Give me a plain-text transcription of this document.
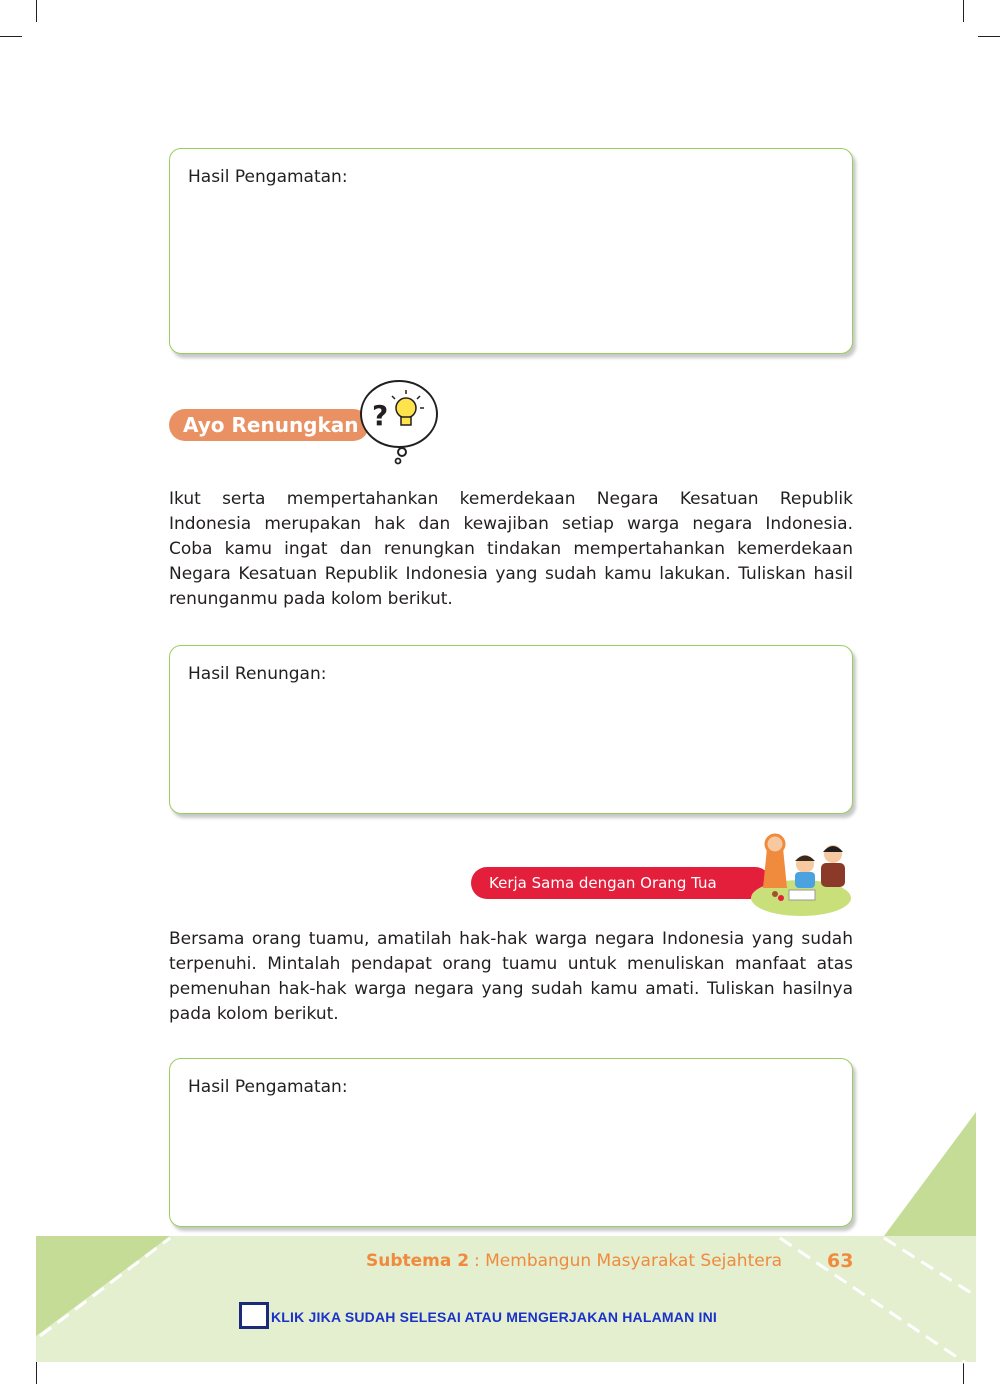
Hasil Pengamatan:
Ayo Renungkan ?
Ikut serta mempertahankan kemerdekaan Negara Kesatuan Republik
Indonesia merupakan hak dan kewajiban setiap warga negara Indonesia.
Coba kamu ingat dan renungkan tindakan mempertahankan kemerdekaan
Negara Kesatuan Republik Indonesia yang sudah kamu lakukan. Tuliskan hasil
renunganmu pada kolom berikut.
Hasil Renungan:
Kerja Sama dengan Orang Tua
Bersama orang tuamu, amatilah hak-hak warga negara Indonesia yang sudah
terpenuhi. Mintalah pendapat orang tuamu untuk menuliskan manfaat atas
pemenuhan hak-hak warga negara yang sudah kamu amati. Tuliskan hasilnya
pada kolom berikut.
Hasil Pengamatan:
Subtema 2 : Membangun Masyarakat Sejahtera 63
KLIK JIKA SUDAH SELESAI ATAU MENGERJAKAN HALAMAN INI
